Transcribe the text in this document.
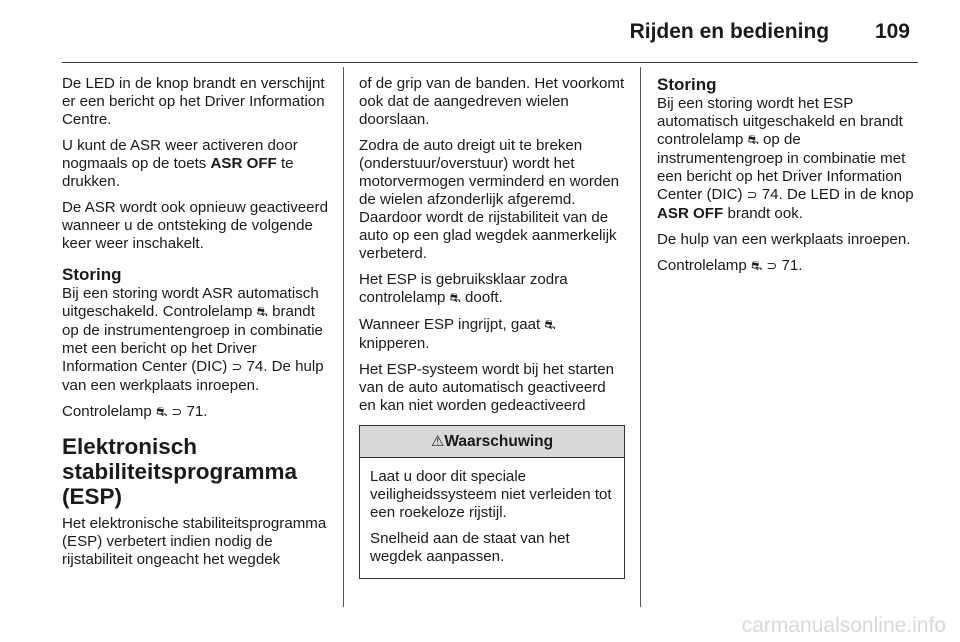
Rijden en bediening 109

De LED in de knop brandt en verschijnt er een bericht op het Driver Information Centre.

U kunt de ASR weer activeren door nogmaals op de toets ASR OFF te drukken.

De ASR wordt ook opnieuw geactiveerd wanneer u de ontsteking de volgende keer weer inschakelt.

Storing

Bij een storing wordt ASR automatisch uitgeschakeld. Controlelamp ⛐ brandt op de instrumentengroep in combinatie met een bericht op het Driver Information Center (DIC) ⊃ 74. De hulp van een werkplaats inroepen.

Controlelamp ⛐ ⊃ 71.

Elektronisch stabiliteitsprogramma (ESP)

Het elektronische stabiliteitsprogramma (ESP) verbetert indien nodig de rijstabiliteit ongeacht het wegdek

of de grip van de banden. Het voorkomt ook dat de aangedreven wielen doorslaan.

Zodra de auto dreigt uit te breken (onderstuur/overstuur) wordt het motorvermogen verminderd en worden de wielen afzonderlijk afgeremd. Daardoor wordt de rijstabiliteit van de auto op een glad wegdek aanmerkelijk verbeterd.

Het ESP is gebruiksklaar zodra controlelamp ⛐ dooft.

Wanneer ESP ingrijpt, gaat ⛐ knipperen.

Het ESP-systeem wordt bij het starten van de auto automatisch geactiveerd en kan niet worden gedeactiveerd

⚠Waarschuwing

Laat u door dit speciale veiligheidssysteem niet verleiden tot een roekeloze rijstijl.

Snelheid aan de staat van het wegdek aanpassen.

Storing

Bij een storing wordt het ESP automatisch uitgeschakeld en brandt controlelamp ⛐ op de instrumentengroep in combinatie met een bericht op het Driver Information Center (DIC) ⊃ 74. De LED in de knop ASR OFF brandt ook.

De hulp van een werkplaats inroepen.

Controlelamp ⛐ ⊃ 71.

carmanualsonline.info
